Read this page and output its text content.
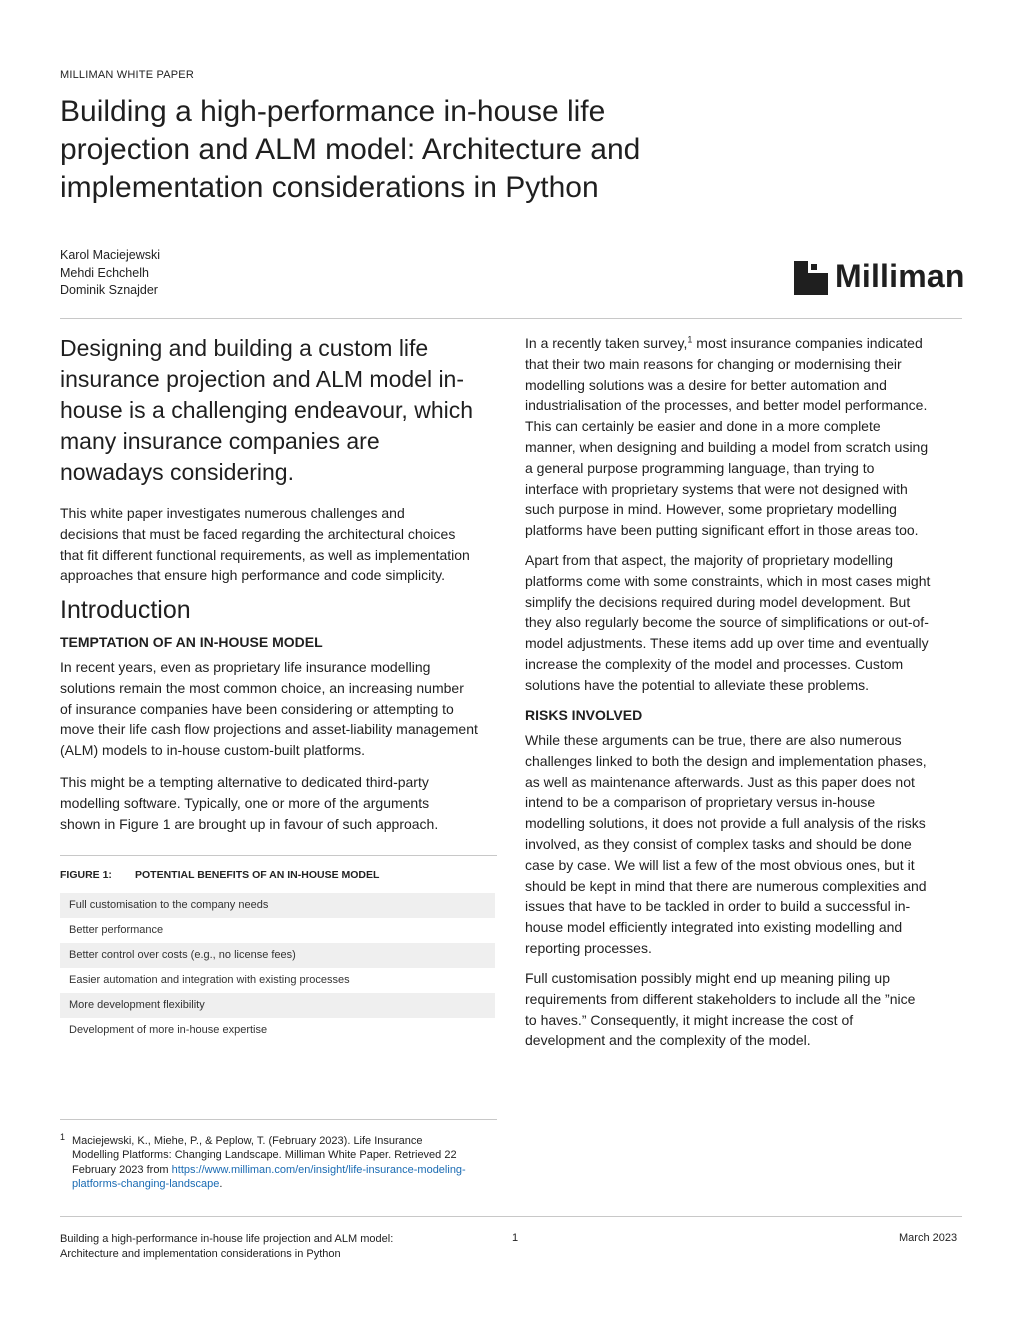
MILLIMAN WHITE PAPER
Building a high-performance in-house life
projection and ALM model: Architecture and
implementation considerations in Python
Karol Maciejewski
Mehdi Echchelh
Dominik Sznajder	Milliman
Designing and building a custom life
insurance projection and ALM model in-
house is a challenging endeavour, which
many insurance companies are
nowadays considering.
This white paper investigates numerous challenges and
decisions that must be faced regarding the architectural choices
that fit different functional requirements, as well as implementation
approaches that ensure high performance and code simplicity.
Introduction
TEMPTATION OF AN IN-HOUSE MODEL
In recent years, even as proprietary life insurance modelling
solutions remain the most common choice, an increasing number
of insurance companies have been considering or attempting to
move their life cash flow projections and asset-liability management
(ALM) models to in-house custom-built platforms.
This might be a tempting alternative to dedicated third-party
modelling software. Typically, one or more of the arguments
shown in Figure 1 are brought up in favour of such approach.
FIGURE 1: POTENTIAL BENEFITS OF AN IN-HOUSE MODEL
Full customisation to the company needs
Better performance
Better control over costs (e.g., no license fees)
Easier automation and integration with existing processes
More development flexibility
Development of more in-house expertise
1 Maciejewski, K., Miehe, P., & Peplow, T. (February 2023). Life Insurance
Modelling Platforms: Changing Landscape. Milliman White Paper. Retrieved 22
February 2023 from https://www.milliman.com/en/insight/life-insurance-modeling-
platforms-changing-landscape.
In a recently taken survey,$^1$ most insurance companies indicated
that their two main reasons for changing or modernising their
modelling solutions was a desire for better automation and
industrialisation of the processes, and better model performance.
This can certainly be easier and done in a more complete
manner, when designing and building a model from scratch using
a general purpose programming language, than trying to
interface with proprietary systems that were not designed with
such purpose in mind. However, some proprietary modelling
platforms have been putting significant effort in those areas too.
Apart from that aspect, the majority of proprietary modelling
platforms come with some constraints, which in most cases might
simplify the decisions required during model development. But
they also regularly become the source of simplifications or out-of-
model adjustments. These items add up over time and eventually
increase the complexity of the model and processes. Custom
solutions have the potential to alleviate these problems.
RISKS INVOLVED
While these arguments can be true, there are also numerous
challenges linked to both the design and implementation phases,
as well as maintenance afterwards. Just as this paper does not
intend to be a comparison of proprietary versus in-house
modelling solutions, it does not provide a full analysis of the risks
involved, as they consist of complex tasks and should be done
case by case. We will list a few of the most obvious ones, but it
should be kept in mind that there are numerous complexities and
issues that have to be tackled in order to build a successful in-
house model efficiently integrated into existing modelling and
reporting processes.
Full customisation possibly might end up meaning piling up
requirements from different stakeholders to include all the ”nice
to haves.” Consequently, it might increase the cost of
development and the complexity of the model.
Building a high-performance in-house life projection and ALM model:
Architecture and implementation considerations in Python
1	March 2023
